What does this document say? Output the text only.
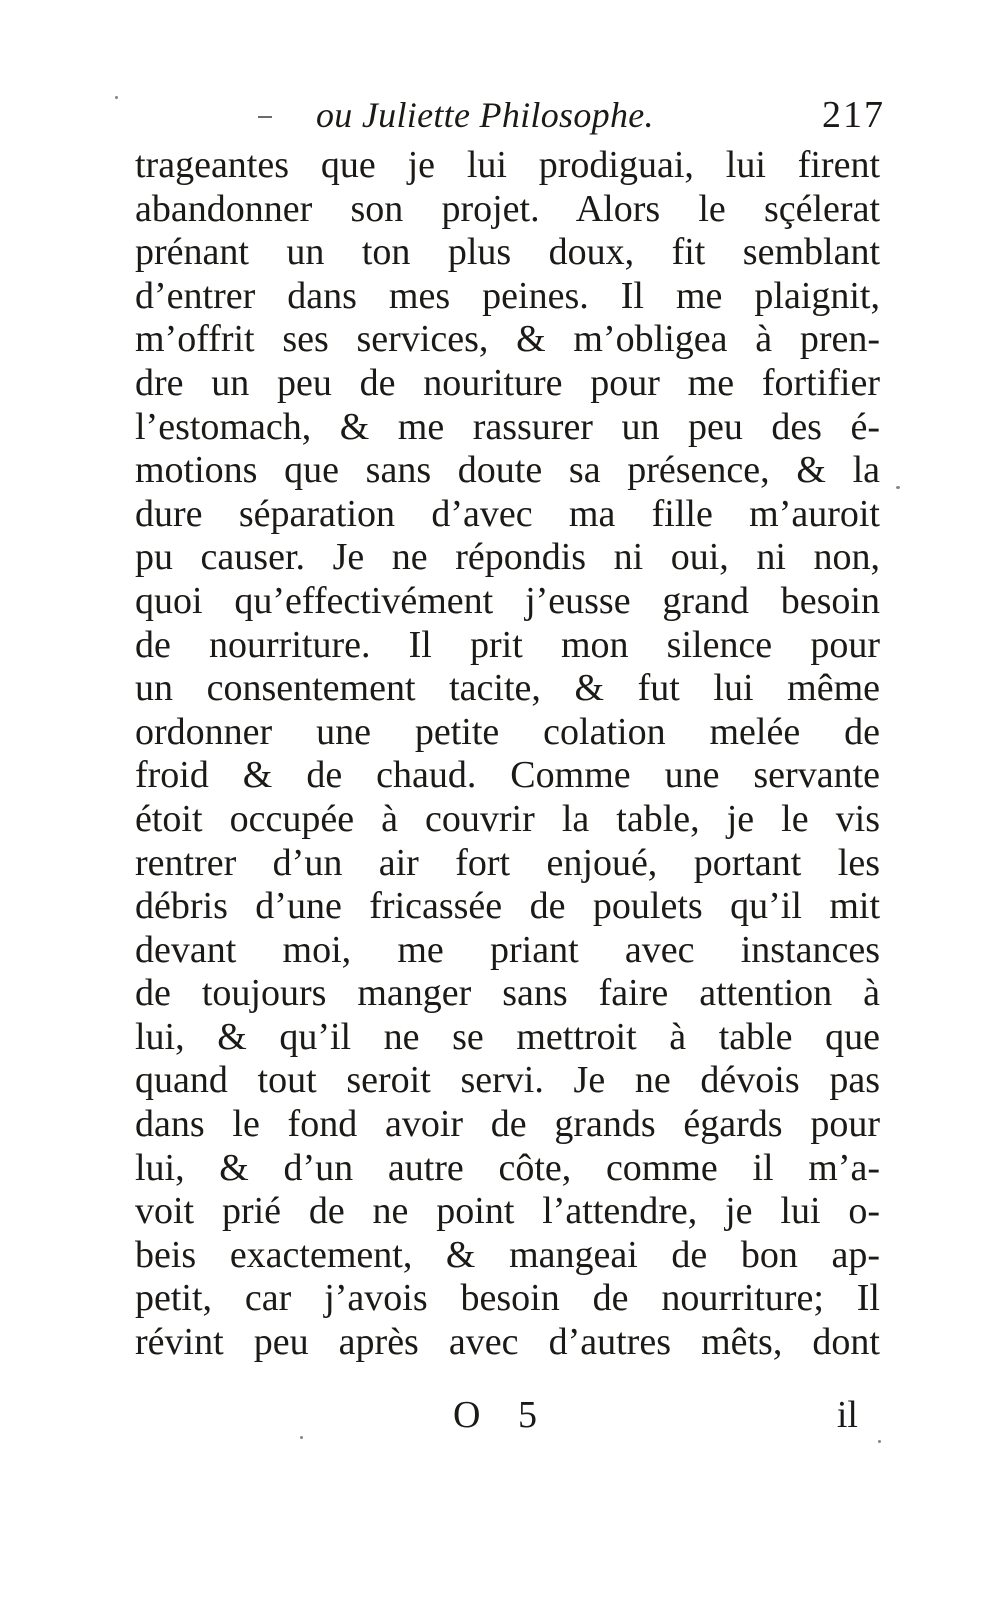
ou Juliette Philosophe.	217
trageantes que je lui prodiguai, lui firent
abandonner son projet. Alors le sçélerat
prénant un ton plus doux, fit semblant
d’entrer dans mes peines. Il me plaignit,
m’offrit ses services, & m’obligea à pren-
dre un peu de nouriture pour me fortifier
l’estomach, & me rassurer un peu des é-
motions que sans doute sa présence, & la
dure séparation d’avec ma fille m’auroit
pu causer. Je ne répondis ni oui, ni non,
quoi qu’effectivément j’eusse grand besoin
de nourriture. Il prit mon silence pour
un consentement tacite, & fut lui même
ordonner une petite colation melée de
froid & de chaud. Comme une servante
étoit occupée à couvrir la table, je le vis
rentrer d’un air fort enjoué, portant les
débris d’une fricassée de poulets qu’il mit
devant moi, me priant avec instances
de toujours manger sans faire attention à
lui, & qu’il ne se mettroit à table que
quand tout seroit servi. Je ne dévois pas
dans le fond avoir de grands égards pour
lui, & d’un autre côte, comme il m’a-
voit prié de ne point l’attendre, je lui o-
beis exactement, & mangeai de bon ap-
petit, car j’avois besoin de nourriture; Il
révint peu après avec d’autres mêts, dont
O 5	il
